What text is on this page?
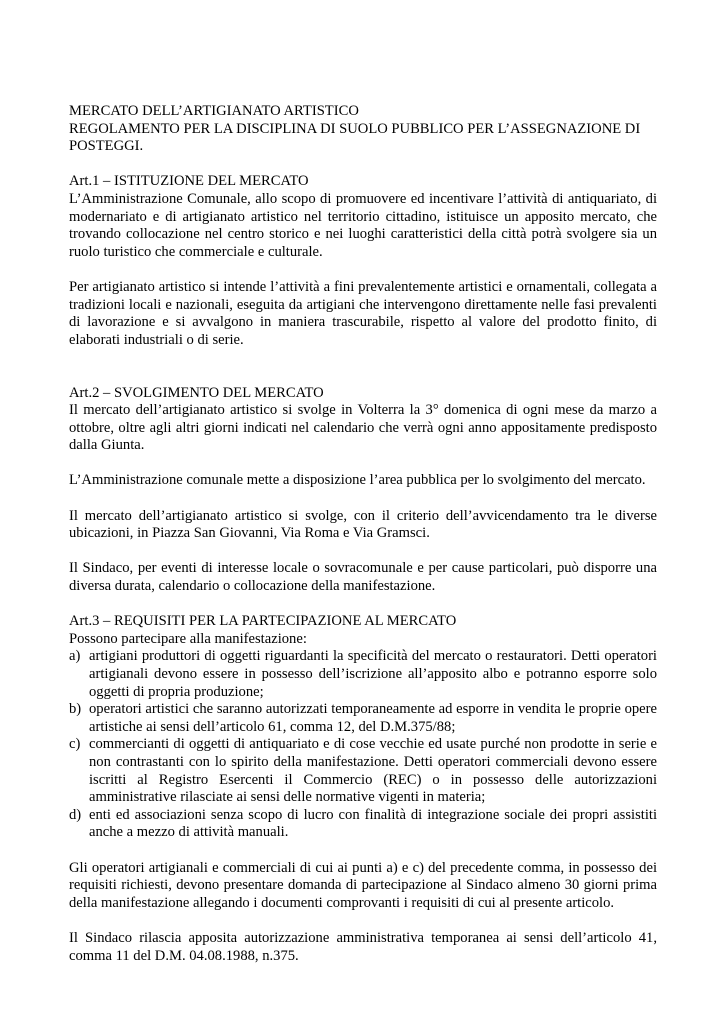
MERCATO DELL’ARTIGIANATO ARTISTICO

REGOLAMENTO PER LA DISCIPLINA DI SUOLO PUBBLICO PER L’ASSEGNAZIONE DI POSTEGGI.

Art.1 – ISTITUZIONE DEL MERCATO

L’Amministrazione Comunale, allo scopo di promuovere ed incentivare l’attività di antiquariato, di modernariato e di artigianato artistico nel territorio cittadino, istituisce un apposito mercato, che trovando collocazione nel centro storico e nei luoghi caratteristici della città potrà svolgere sia un ruolo turistico che commerciale e culturale.

Per artigianato artistico si intende l’attività a fini prevalentemente artistici e ornamentali, collegata a tradizioni locali e nazionali, eseguita da artigiani che intervengono direttamente nelle fasi prevalenti di lavorazione e si avvalgono in maniera trascurabile, rispetto al valore del prodotto finito, di elaborati industriali o di serie.

Art.2 – SVOLGIMENTO DEL MERCATO

Il mercato dell’artigianato artistico si svolge in Volterra la 3° domenica di ogni mese da marzo a ottobre, oltre agli altri giorni indicati nel calendario che verrà ogni anno appositamente predisposto dalla Giunta.

L’Amministrazione comunale mette a disposizione l’area pubblica per lo svolgimento del mercato.

Il mercato dell’artigianato artistico si svolge, con il criterio dell’avvicendamento tra le diverse ubicazioni, in Piazza San Giovanni, Via Roma e Via Gramsci.

Il Sindaco, per eventi di interesse locale o sovracomunale e per cause particolari, può disporre una diversa durata, calendario o collocazione della manifestazione.

Art.3 – REQUISITI PER LA PARTECIPAZIONE AL MERCATO

Possono partecipare alla manifestazione:

a) artigiani produttori di oggetti riguardanti la specificità del mercato o restauratori. Detti operatori artigianali devono essere in possesso dell’iscrizione all’apposito albo e potranno esporre solo oggetti di propria produzione;
b) operatori artistici che saranno autorizzati temporaneamente ad esporre in vendita le proprie opere artistiche ai sensi dell’articolo 61, comma 12, del D.M.375/88;
c) commercianti di oggetti di antiquariato e di cose vecchie ed usate purché non prodotte in serie e non contrastanti con lo spirito della manifestazione. Detti operatori commerciali devono essere iscritti al Registro Esercenti il Commercio (REC) o in possesso delle autorizzazioni amministrative rilasciate ai sensi delle normative vigenti in materia;
d) enti ed associazioni senza scopo di lucro con finalità di integrazione sociale dei propri assistiti anche a mezzo di attività manuali.

Gli operatori artigianali e commerciali di cui ai punti a) e c) del precedente comma, in possesso dei requisiti richiesti, devono presentare domanda di partecipazione al Sindaco almeno 30 giorni prima della manifestazione allegando i documenti comprovanti i requisiti di cui al presente articolo.

Il Sindaco rilascia apposita autorizzazione amministrativa temporanea ai sensi dell’articolo 41, comma 11 del D.M. 04.08.1988, n.375.
